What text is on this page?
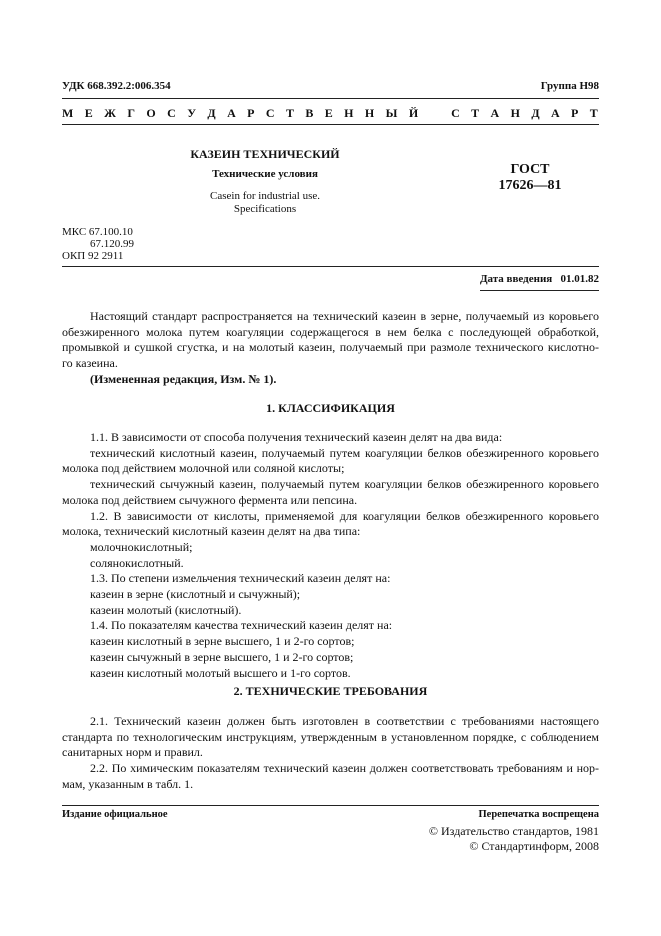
УДК 668.392.2:006.354	Группа Н98
М Е Ж Г О С У Д А Р С Т В Е Н Н Ы Й	С Т А Н Д А Р Т
КАЗЕИН ТЕХНИЧЕСКИЙ
Технические условия
Casein for industrial use.
Specifications
ГОСТ
17626—81
МКС 67.100.10
67.120.99
ОКП 92 2911
Дата введения 01.01.82
Настоящий стандарт распространяется на технический казеин в зерне, получаемый из коровьего
обезжиренного молока путем коагуляции содержащегося в нем белка с последующей обработкой,
промывкой и сушкой сгустка, и на молотый казеин, получаемый при размоле технического кислотно-
го казеина.
(Измененная редакция, Изм. № 1).
1. КЛАССИФИКАЦИЯ
1.1. В зависимости от способа получения технический казеин делят на два вида:
технический кислотный казеин, получаемый путем коагуляции белков обезжиренного коровьего
молока под действием молочной или соляной кислоты;
технический сычужный казеин, получаемый путем коагуляции белков обезжиренного коровьего
молока под действием сычужного фермента или пепсина.
1.2. В зависимости от кислоты, применяемой для коагуляции белков обезжиренного коровьего
молока, технический кислотный казеин делят на два типа:
молочнокислотный;
солянокислотный.
1.3. По степени измельчения технический казеин делят на:
казеин в зерне (кислотный и сычужный);
казеин молотый (кислотный).
1.4. По показателям качества технический казеин делят на:
казеин кислотный в зерне высшего, 1 и 2-го сортов;
казеин сычужный в зерне высшего, 1 и 2-го сортов;
казеин кислотный молотый высшего и 1-го сортов.
2. ТЕХНИЧЕСКИЕ ТРЕБОВАНИЯ
2.1. Технический казеин должен быть изготовлен в соответствии с требованиями настоящего
стандарта по технологическим инструкциям, утвержденным в установленном порядке, с соблюдением
санитарных норм и правил.
2.2. По химическим показателям технический казеин должен соответствовать требованиям и нор-
мам, указанным в табл. 1.
Издание официальное	Перепечатка воспрещена
© Издательство стандартов, 1981
© Стандартинформ, 2008
